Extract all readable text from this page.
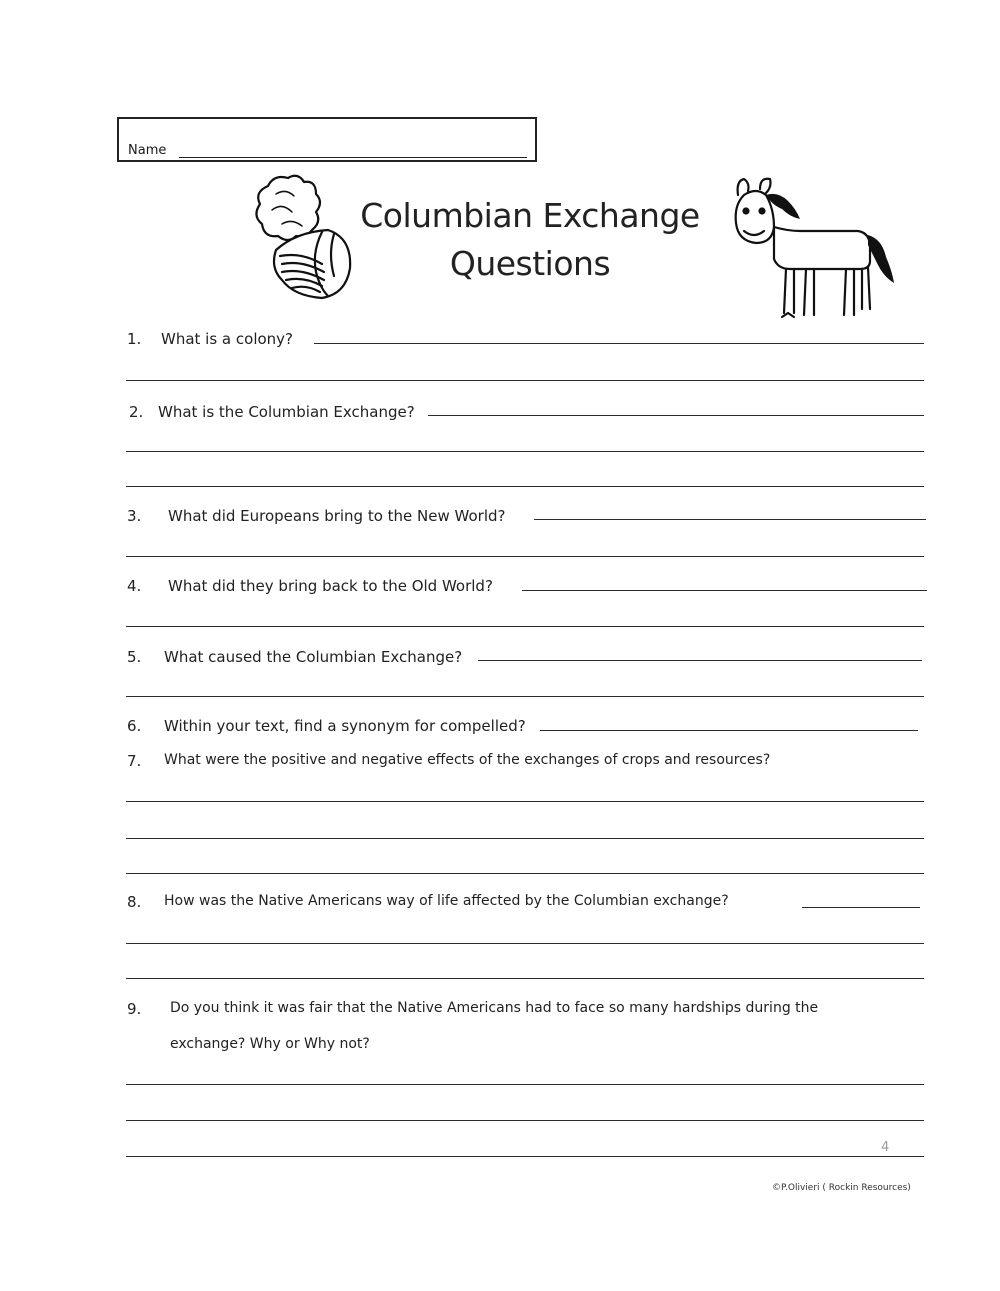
Name
Columbian Exchange
Questions
1. What is a colony?
2. What is the Columbian Exchange?
3. What did Europeans bring to the New World?
4. What did they bring back to the Old World?
5. What caused the Columbian Exchange?
6. Within your text, find a synonym for compelled?
7. What were the positive and negative effects of the exchanges of crops and resources?
8. How was the Native Americans way of life affected by the Columbian exchange?
9. Do you think it was fair that the Native Americans had to face so many hardships during the
exchange? Why or Why not?
4
©P.Olivieri ( Rockin Resources)
